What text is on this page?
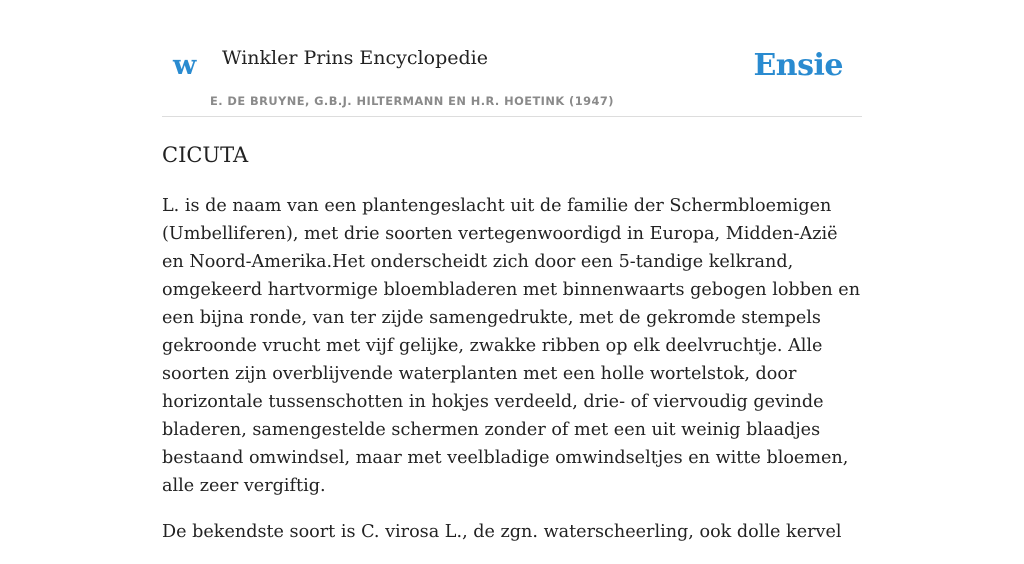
w Winkler Prins Encyclopedie
E. DE BRUYNE, G.B.J. HILTERMANN EN H.R. HOETINK (1947)
Ensie
CICUTA

L. is de naam van een plantengeslacht uit de familie der Schermbloemigen (Umbelliferen), met drie soorten vertegenwoordigd in Europa, Midden-Azië en Noord-Amerika.Het onderscheidt zich door een 5-tandige kelkrand, omgekeerd hartvormige bloembladeren met binnenwaarts gebogen lobben en een bijna ronde, van ter zijde samengedrukte, met de gekromde stempels gekroonde vrucht met vijf gelijke, zwakke ribben op elk deelvruchtje. Alle soorten zijn overblijvende waterplanten met een holle wortelstok, door horizontale tussenschotten in hokjes verdeeld, drie- of viervoudig gevinde bladeren, samengestelde schermen zonder of met een uit weinig blaadjes bestaand omwindsel, maar met veelbladige omwindseltjes en witte bloemen, alle zeer vergiftig.

De bekendste soort is C. virosa L., de zgn. waterscheerling, ook dolle kervel
